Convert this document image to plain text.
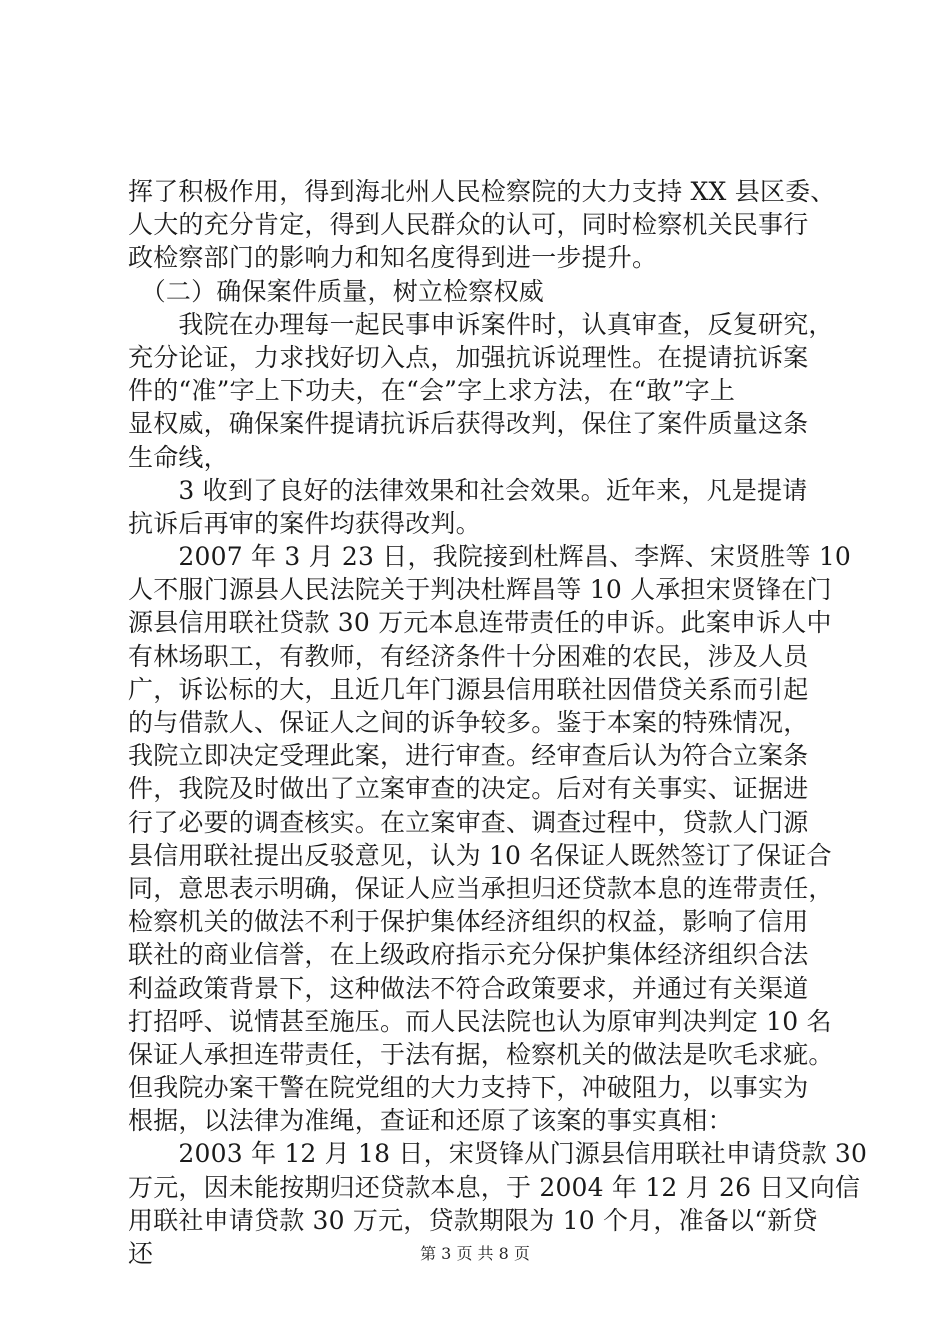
挥了积极作用，得到海北州人民检察院的大力支持 XX 县区委、
人大的充分肯定，得到人民群众的认可，同时检察机关民事行
政检察部门的影响力和知名度得到进一步提升。
　（二）确保案件质量，树立检察权威
　　我院在办理每一起民事申诉案件时，认真审查，反复研究，
充分论证，力求找好切入点，加强抗诉说理性。在提请抗诉案
件的“准”字上下功夫，在“会”字上求方法，在“敢”字上
显权威，确保案件提请抗诉后获得改判，保住了案件质量这条
生命线，
　　3 收到了良好的法律效果和社会效果。近年来，凡是提请
抗诉后再审的案件均获得改判。
　　2007 年 3 月 23 日，我院接到杜辉昌、李辉、宋贤胜等 10
人不服门源县人民法院关于判决杜辉昌等 10 人承担宋贤锋在门
源县信用联社贷款 30 万元本息连带责任的申诉。此案申诉人中
有林场职工，有教师，有经济条件十分困难的农民，涉及人员
广，诉讼标的大，且近几年门源县信用联社因借贷关系而引起
的与借款人、保证人之间的诉争较多。鉴于本案的特殊情况，
我院立即决定受理此案，进行审查。经审查后认为符合立案条
件，我院及时做出了立案审查的决定。后对有关事实、证据进
行了必要的调查核实。在立案审查、调查过程中，贷款人门源
县信用联社提出反驳意见，认为 10 名保证人既然签订了保证合
同，意思表示明确，保证人应当承担归还贷款本息的连带责任，
检察机关的做法不利于保护集体经济组织的权益，影响了信用
联社的商业信誉，在上级政府指示充分保护集体经济组织合法
利益政策背景下，这种做法不符合政策要求，并通过有关渠道
打招呼、说情甚至施压。而人民法院也认为原审判决判定 10 名
保证人承担连带责任，于法有据，检察机关的做法是吹毛求疵。
但我院办案干警在院党组的大力支持下，冲破阻力，以事实为
根据，以法律为准绳，查证和还原了该案的事实真相：
　　2003 年 12 月 18 日，宋贤锋从门源县信用联社申请贷款 30
万元，因未能按期归还贷款本息，于 2004 年 12 月 26 日又向信
用联社申请贷款 30 万元，贷款期限为 10 个月，准备以“新贷
还	第 3 页 共 8 页
